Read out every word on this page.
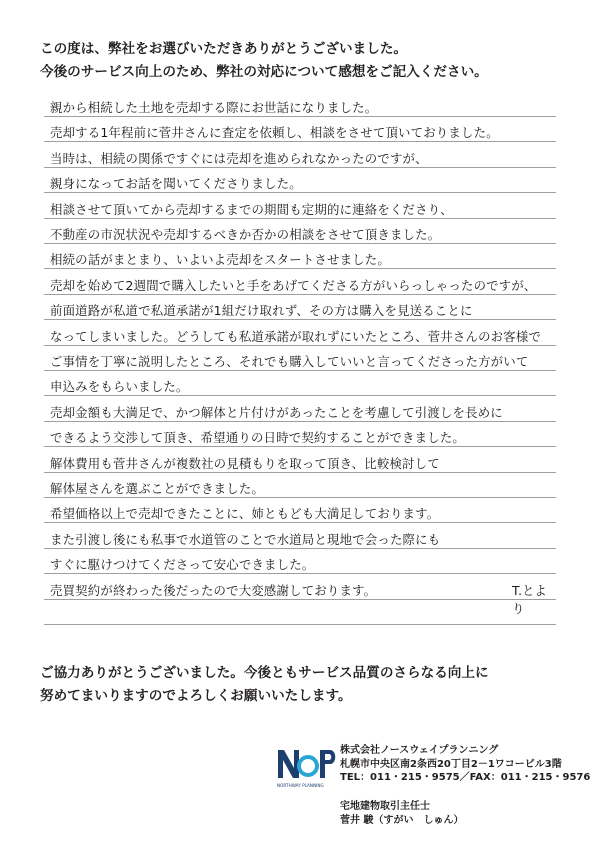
この度は、弊社をお選びいただきありがとうございました。
今後のサービス向上のため、弊社の対応について感想をご記入ください。
親から相続した土地を売却する際にお世話になりました。
売却する1年程前に菅井さんに査定を依頼し、相談をさせて頂いておりました。
当時は、相続の関係ですぐには売却を進められなかったのですが、
親身になってお話を聞いてくださりました。
相談させて頂いてから売却するまでの期間も定期的に連絡をくださり、
不動産の市況状況や売却するべきか否かの相談をさせて頂きました。
相続の話がまとまり、いよいよ売却をスタートさせました。
売却を始めて2週間で購入したいと手をあげてくださる方がいらっしゃったのですが、
前面道路が私道で私道承諾が1組だけ取れず、その方は購入を見送ることに
なってしまいました。どうしても私道承諾が取れずにいたところ、菅井さんのお客様で
ご事情を丁寧に説明したところ、それでも購入していいと言ってくださった方がいて
申込みをもらいました。
売却金額も大満足で、かつ解体と片付けがあったことを考慮して引渡しを長めに
できるよう交渉して頂き、希望通りの日時で契約することができました。
解体費用も菅井さんが複数社の見積もりを取って頂き、比較検討して
解体屋さんを選ぶことができました。
希望価格以上で売却できたことに、姉ともども大満足しております。
また引渡し後にも私事で水道管のことで水道局と現地で会った際にも
すぐに駆けつけてくださって安心できました。
売買契約が終わった後だったので大変感謝しております。	T.とより
ご協力ありがとうございました。今後ともサービス品質のさらなる向上に
努めてまいりますのでよろしくお願いいたします。
NORTHWAY PLANNING
株式会社ノースウェイプランニング
札幌市中央区南2条西20丁目2－1ワコービル3階
TEL：011・215・9575／FAX：011・215・9576
宅地建物取引主任士
菅井 駿（すがい　しゅん）
